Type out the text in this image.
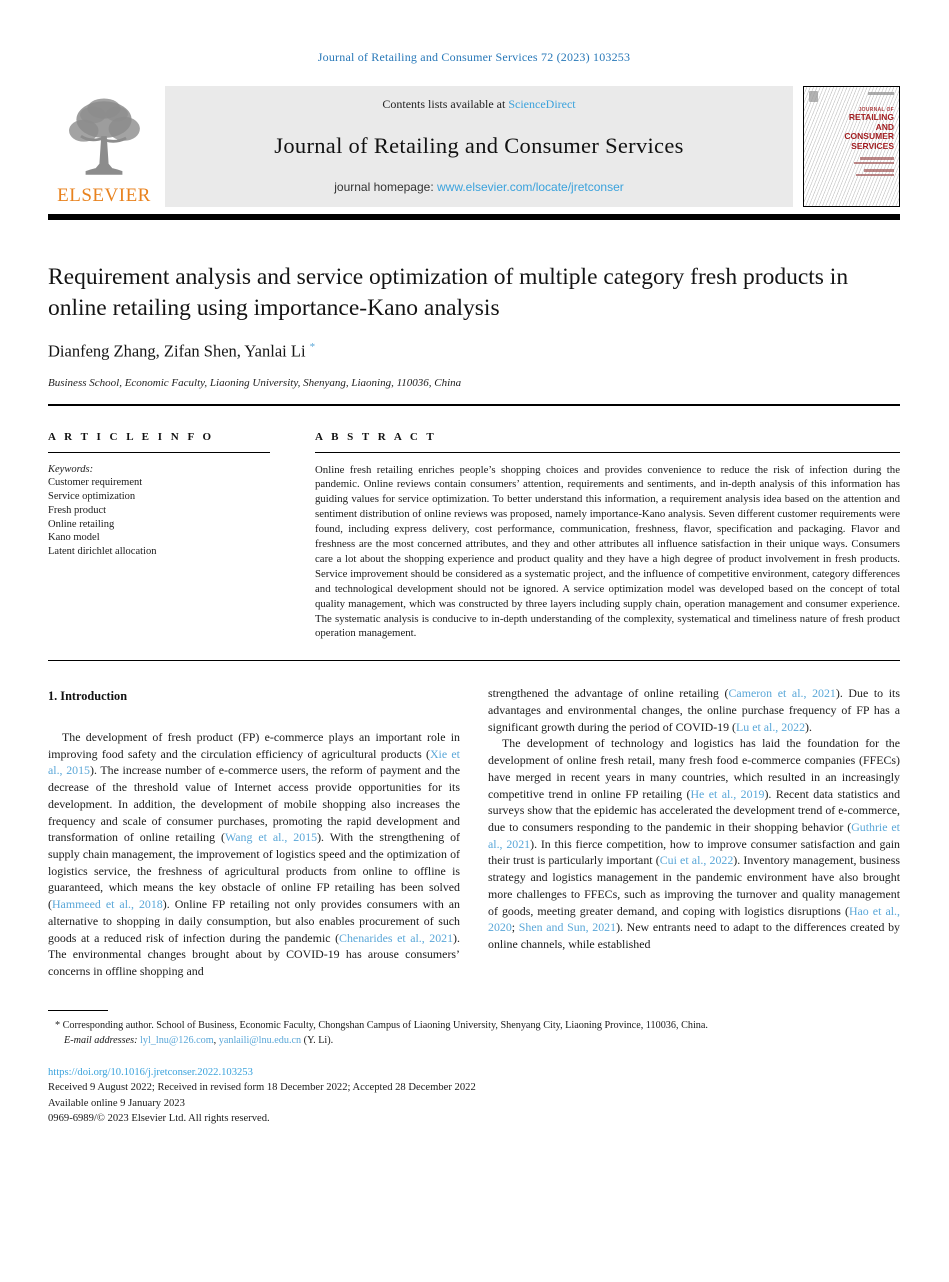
Journal of Retailing and Consumer Services 72 (2023) 103253
ELSEVIER
Contents lists available at ScienceDirect
Journal of Retailing and Consumer Services
journal homepage: www.elsevier.com/locate/jretconser
JOURNAL OF
RETAILING
AND
CONSUMER
SERVICES
Requirement analysis and service optimization of multiple category fresh products in online retailing using importance-Kano analysis
Dianfeng Zhang, Zifan Shen, Yanlai Li *
Business School, Economic Faculty, Liaoning University, Shenyang, Liaoning, 110036, China
A R T I C L E I N F O
Keywords:
Customer requirement
Service optimization
Fresh product
Online retailing
Kano model
Latent dirichlet allocation
A B S T R A C T
Online fresh retailing enriches people’s shopping choices and provides convenience to reduce the risk of infection during the pandemic. Online reviews contain consumers’ attention, requirements and sentiments, and in-depth analysis of this information has guiding values for service optimization. To better understand this information, a requirement analysis idea based on the attention and sentiment distribution of online reviews was proposed, namely importance-Kano analysis. Seven different customer requirements were found, including express delivery, cost performance, communication, freshness, flavor, specification and packaging. Flavor and freshness are the most concerned attributes, and they and other attributes all influence satisfaction in their unique ways. Consumers care a lot about the shopping experience and product quality and they have a high degree of product involvement in fresh products. Service improvement should be considered as a systematic project, and the influence of competitive environment, category differences and technological development should not be ignored. A service optimization model was developed based on the concept of total quality management, which was constructed by three layers including supply chain, operation management and consumer experience. The systematic analysis is conducive to in-depth understanding of the complexity, systematical and timeliness nature of fresh product operation management.
1. Introduction

The development of fresh product (FP) e-commerce plays an important role in improving food safety and the circulation efficiency of agricultural products (Xie et al., 2015). The increase number of e-commerce users, the reform of payment and the decrease of the threshold value of Internet access provide opportunities for its development. In addition, the development of mobile shopping also increases the frequency and scale of consumer purchases, promoting the rapid development and transformation of online retailing (Wang et al., 2015). With the strengthening of supply chain management, the improvement of logistics speed and the optimization of logistics service, the freshness of agricultural products from online to offline is guaranteed, which means the key obstacle of online FP retailing has been solved (Hammeed et al., 2018). Online FP retailing not only provides consumers with an alternative to shopping in daily consumption, but also enables procurement of such goods at a reduced risk of infection during the pandemic (Chenarides et al., 2021). The environmental changes brought about by COVID-19 has arouse consumers’ concerns in offline shopping and

strengthened the advantage of online retailing (Cameron et al., 2021). Due to its advantages and environmental changes, the online purchase frequency of FP has a significant growth during the period of COVID-19 (Lu et al., 2022).

The development of technology and logistics has laid the foundation for the development of online fresh retail, many fresh food e-commerce companies (FFECs) have merged in recent years in many countries, which resulted in an increasingly competitive trend in online FP retailing (He et al., 2019). Recent data statistics and surveys show that the epidemic has accelerated the development trend of e-commerce, due to consumers responding to the pandemic in their shopping behavior (Guthrie et al., 2021). In this fierce competition, how to improve consumer satisfaction and gain their trust is particularly important (Cui et al., 2022). Inventory management, business strategy and logistics management in the pandemic environment have also brought more challenges to FFECs, such as improving the turnover and quality management of goods, meeting greater demand, and coping with logistics disruptions (Hao et al., 2020; Shen and Sun, 2021). New entrants need to adapt to the differences created by online channels, while established

* Corresponding author. School of Business, Economic Faculty, Chongshan Campus of Liaoning University, Shenyang City, Liaoning Province, 110036, China.
E-mail addresses: lyl_lnu@126.com, yanlaili@lnu.edu.cn (Y. Li).
https://doi.org/10.1016/j.jretconser.2022.103253
Received 9 August 2022; Received in revised form 18 December 2022; Accepted 28 December 2022
Available online 9 January 2023
0969-6989/© 2023 Elsevier Ltd. All rights reserved.
